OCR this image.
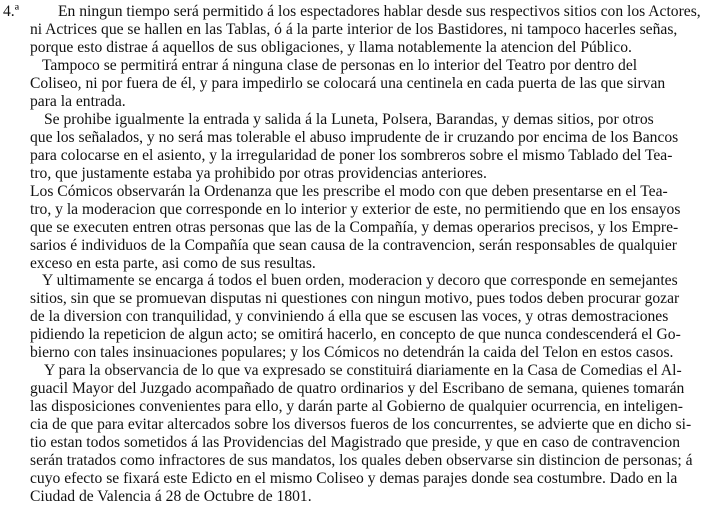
4.ª	En ningun tiempo será permitido á los espectadores hablar desde sus respectivos sitios con los Actores,
ni Actrices que se hallen en las Tablas, ó á la parte interior de los Bastidores, ni tampoco hacerles señas,
porque esto distrae á aquellos de sus obligaciones, y llama notablemente la atencion del Público.
Tampoco se permitirá entrar á ninguna clase de personas en lo interior del Teatro por dentro del
Coliseo, ni por fuera de él, y para impedirlo se colocará una centinela en cada puerta de las que sirvan
para la entrada.
Se prohibe igualmente la entrada y salida á la Luneta, Polsera, Barandas, y demas sitios, por otros
que los señalados, y no será mas tolerable el abuso imprudente de ir cruzando por encima de los Bancos
para colocarse en el asiento, y la irregularidad de poner los sombreros sobre el mismo Tablado del Tea-
tro, que justamente estaba ya prohibido por otras providencias anteriores.
Los Cómicos observarán la Ordenanza que les prescribe el modo con que deben presentarse en el Tea-
tro, y la moderacion que corresponde en lo interior y exterior de este, no permitiendo que en los ensayos
que se executen entren otras personas que las de la Compañía, y demas operarios precisos, y los Empre-
sarios é individuos de la Compañía que sean causa de la contravencion, serán responsables de qualquier
exceso en esta parte, asi como de sus resultas.
Y ultimamente se encarga á todos el buen orden, moderacion y decoro que corresponde en semejantes
sitios, sin que se promuevan disputas ni questiones con ningun motivo, pues todos deben procurar gozar
de la diversion con tranquilidad, y conviniendo á ella que se escusen las voces, y otras demostraciones
pidiendo la repeticion de algun acto; se omitirá hacerlo, en concepto de que nunca condescenderá el Go-
bierno con tales insinuaciones populares; y los Cómicos no detendrán la caida del Telon en estos casos.
Y para la observancia de lo que va expresado se constituirá diariamente en la Casa de Comedias el Al-
guacil Mayor del Juzgado acompañado de quatro ordinarios y del Escribano de semana, quienes tomarán
las disposiciones convenientes para ello, y darán parte al Gobierno de qualquier ocurrencia, en inteligen-
cia de que para evitar altercados sobre los diversos fueros de los concurrentes, se advierte que en dicho si-
tio estan todos sometidos á las Providencias del Magistrado que preside, y que en caso de contravencion
serán tratados como infractores de sus mandatos, los quales deben observarse sin distincion de personas; á
cuyo efecto se fixará este Edicto en el mismo Coliseo y demas parajes donde sea costumbre. Dado en la
Ciudad de Valencia á 28 de Octubre de 1801.
